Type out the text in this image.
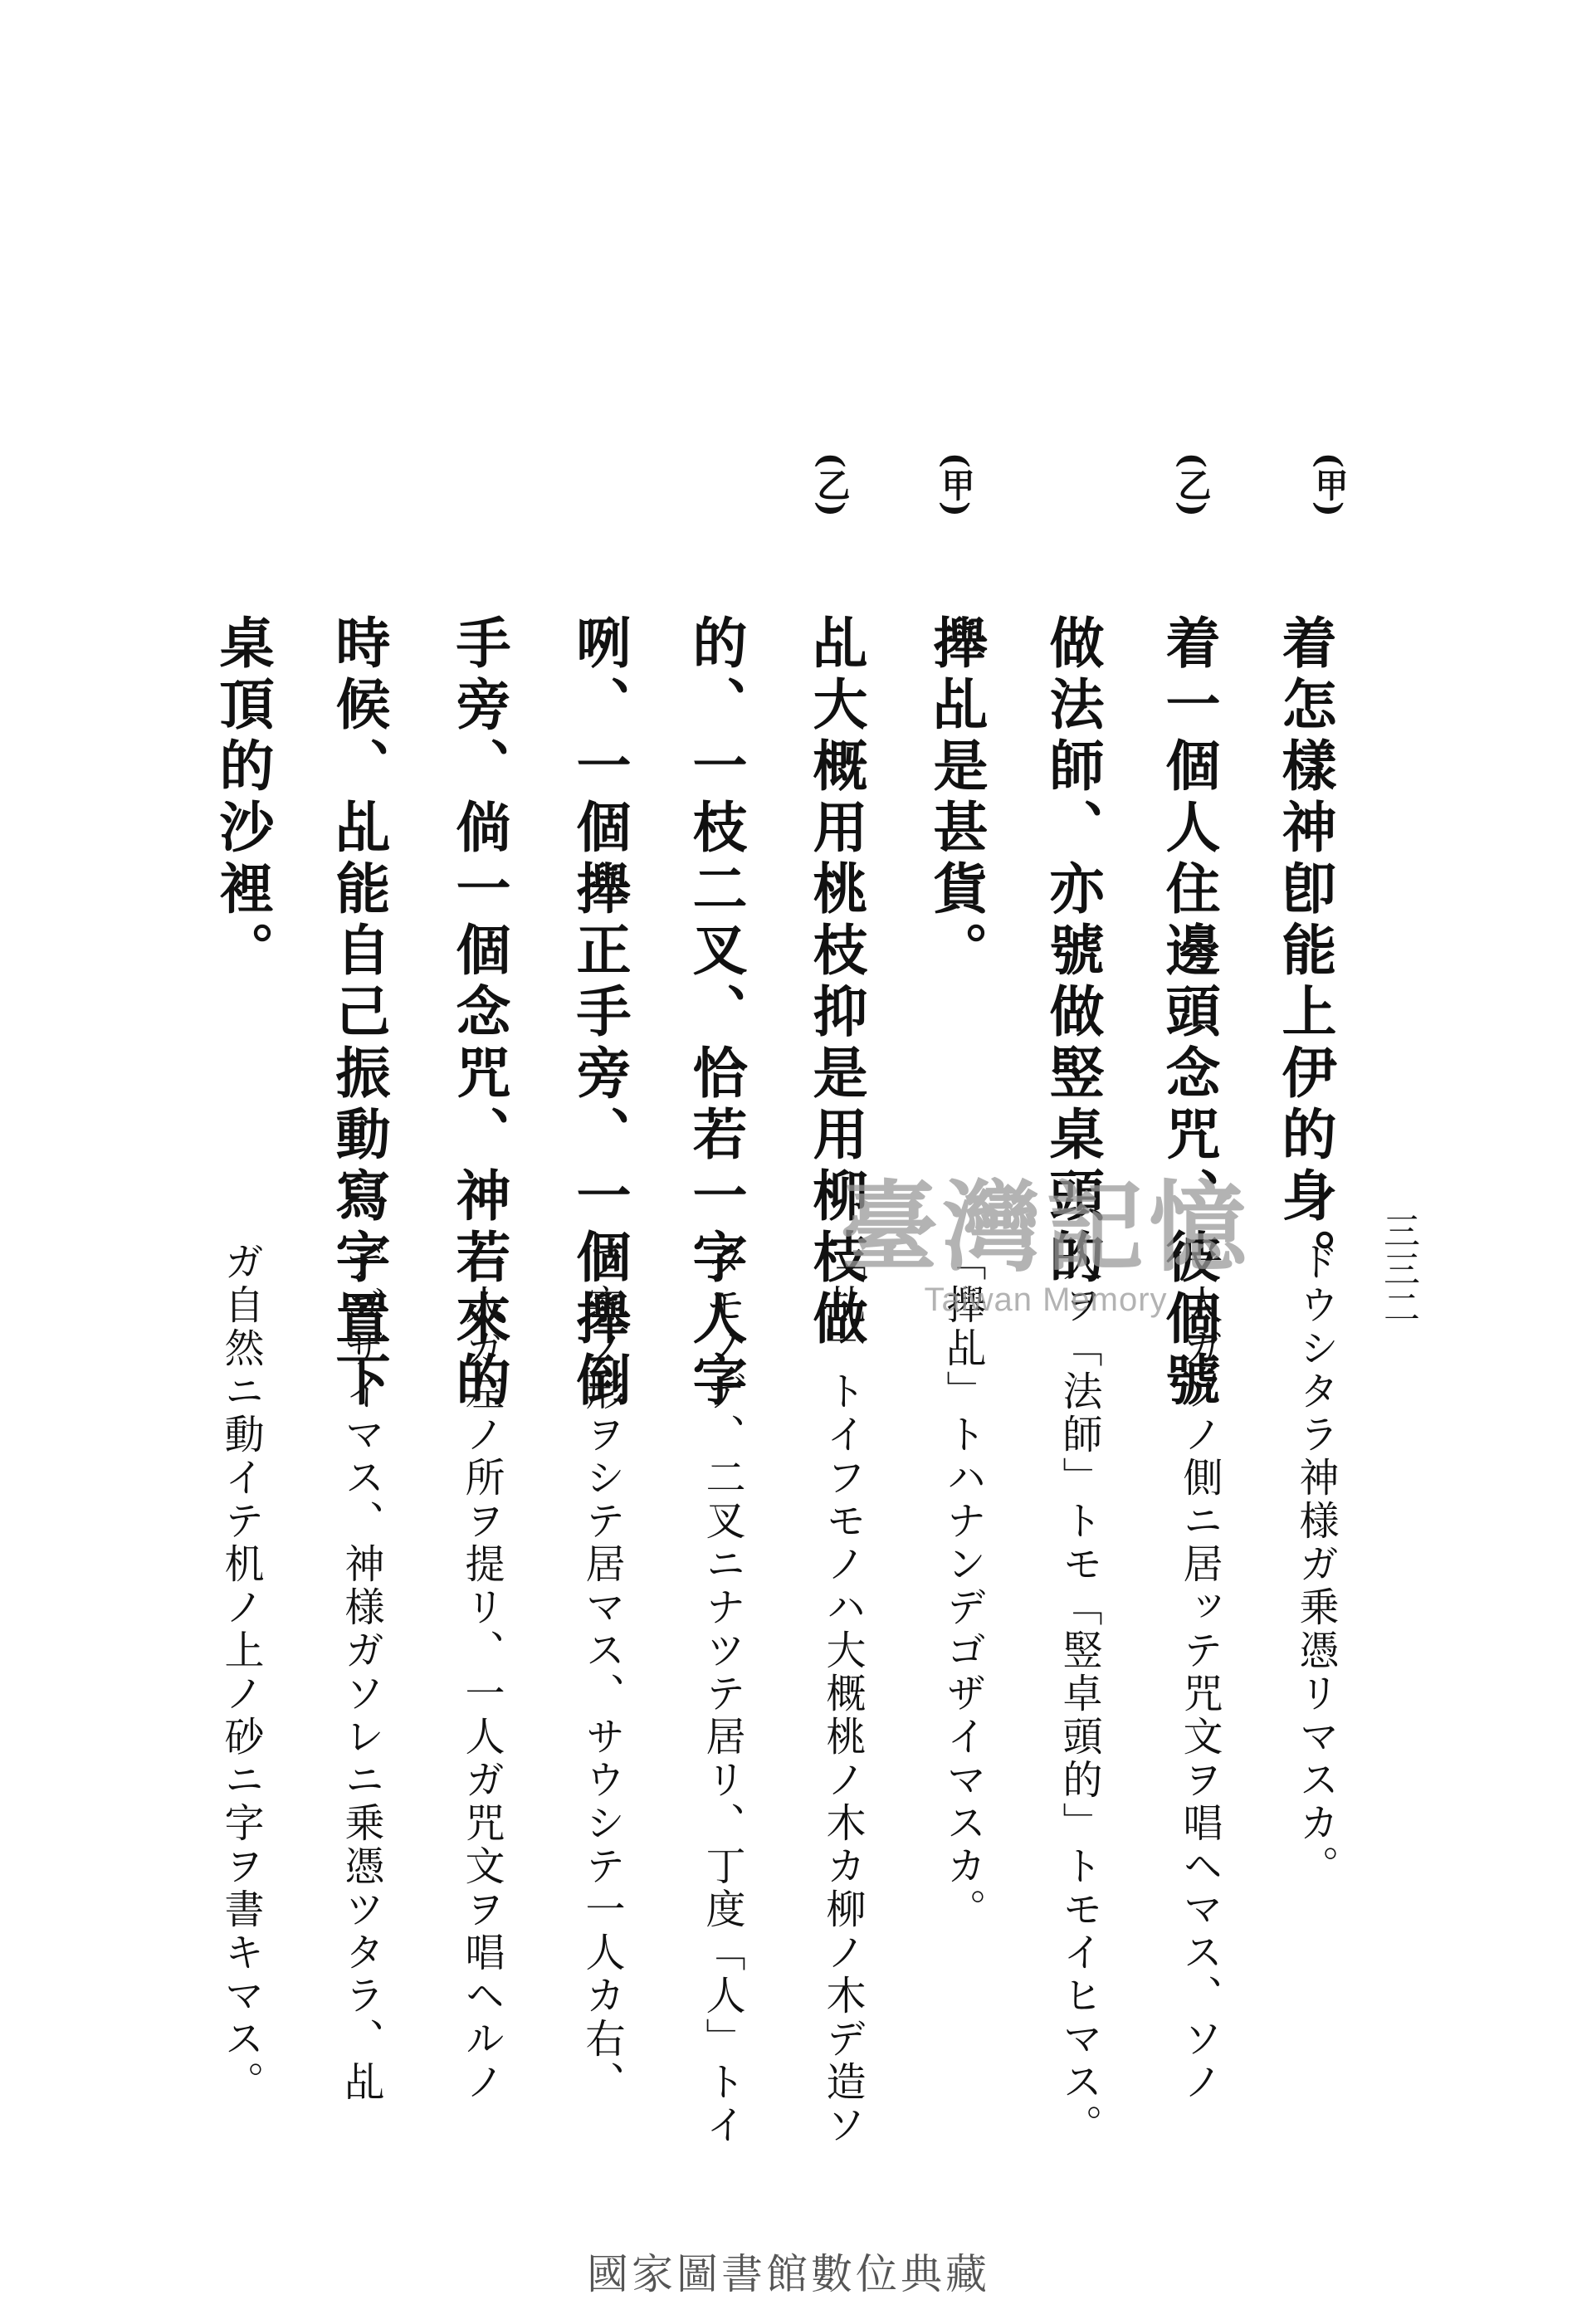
三三二
(甲)
(乙)
(甲)
(乙)
着怎樣神卽能上伊的身。
着一個人住邊頭念咒、彼個號
做法師、亦號做竪桌頭的
攑乩是甚貨。
乩大概用桃枝抑是用柳枝做
的、一枝二叉、恰若一字人字
咧、一個攑正手旁、一個攑倒
手旁、倘一個念咒、神若來的
時候、乩能自己振動寫字置下
桌頂的沙裡。
ドウシタラ神様ガ乗憑リマスカ。
一人ガソノ側ニ居ッテ咒文ヲ唱ヘマス、ソノ
人ヲ「法師」トモ「竪卓頭的」トモイヒマス。
「攑乩」トハナンデゴザイマスカ。
「乩」トイフモノハ大概桃ノ木カ柳ノ木デ造ソ
タモノデ、二叉ニナツテ居リ、丁度「人」トイ
フ字ノ形ヲシテ居マス、サウシテ一人カ右、
一人ガ左ノ所ヲ提リ、一人ガ咒文ヲ唱ヘルノ
デゴザイマス、神様ガソレニ乗憑ツタラ、乩
ガ自然ニ動イテ机ノ上ノ砂ニ字ヲ書キマス。
臺灣記憶
Taiwan Memory
國家圖書館數位典藏
